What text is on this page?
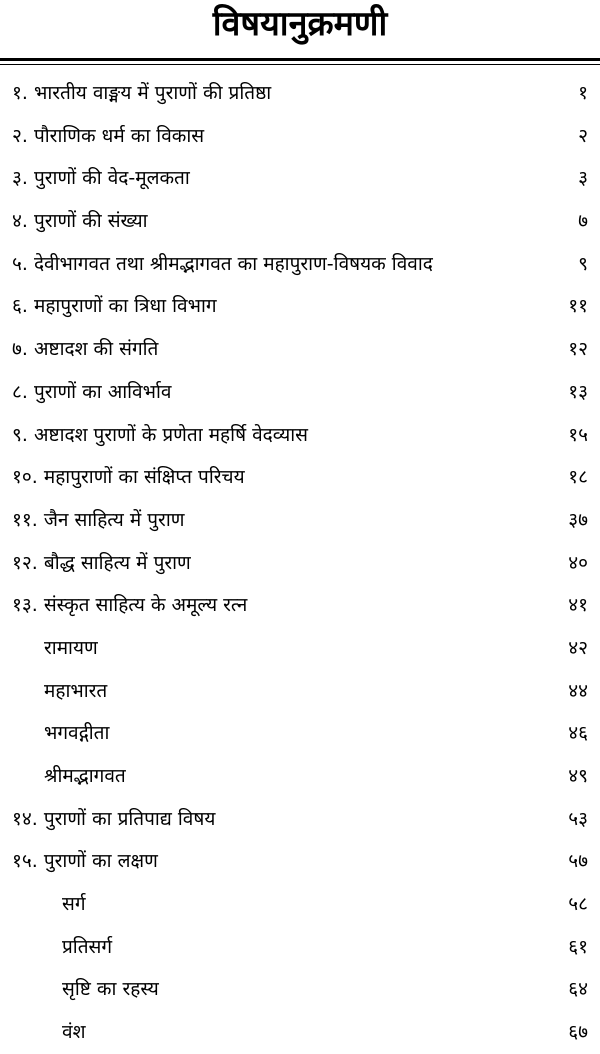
विषयानुक्रमणी
१. भारतीय वाङ्मय में पुराणों की प्रतिष्ठा	१
२. पौराणिक धर्म का विकास	२
३. पुराणों की वेद-मूलकता	३
४. पुराणों की संख्या	७
५. देवीभागवत तथा श्रीमद्भागवत का महापुराण-विषयक विवाद	९
६. महापुराणों का त्रिधा विभाग	११
७. अष्टादश की संगति	१२
८. पुराणों का आविर्भाव	१३
९. अष्टादश पुराणों के प्रणेता महर्षि वेदव्यास	१५
१०. महापुराणों का संक्षिप्त परिचय	१८
११. जैन साहित्य में पुराण	३७
१२. बौद्ध साहित्य में पुराण	४०
१३. संस्कृत साहित्य के अमूल्य रत्न	४१
रामायण	४२
महाभारत	४४
भगवद्गीता	४६
श्रीमद्भागवत	४९
१४. पुराणों का प्रतिपाद्य विषय	५३
१५. पुराणों का लक्षण	५७
सर्ग	५८
प्रतिसर्ग	६१
सृष्टि का रहस्य	६४
वंश	६७
